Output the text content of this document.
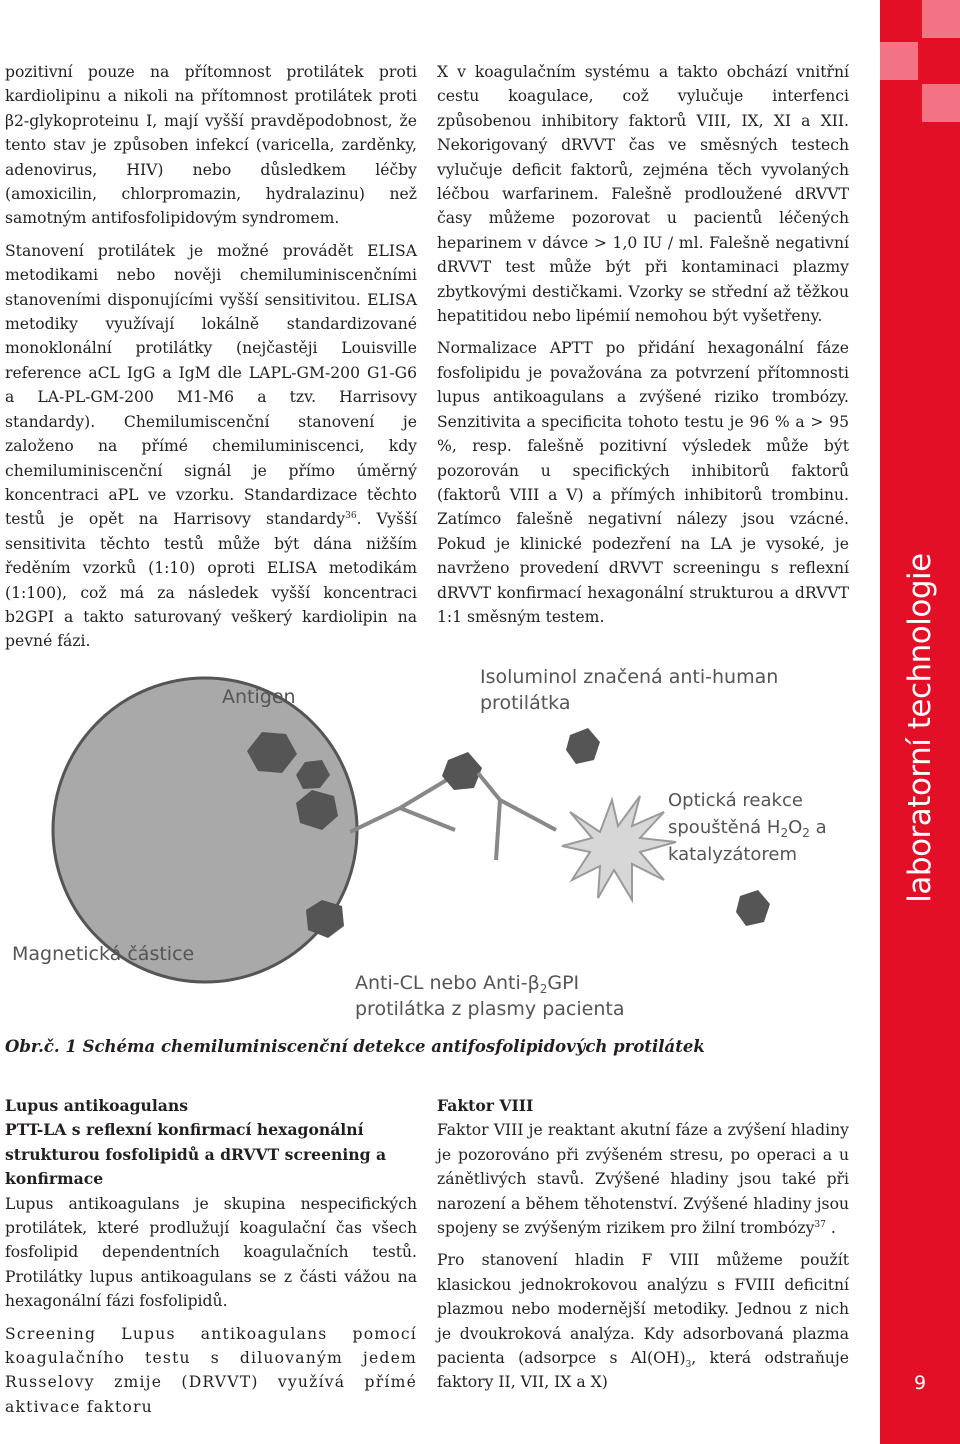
pozitivní pouze na přítomnost protilátek proti kardiolipinu a nikoli na přítomnost protilátek proti β2-glykoproteinu I, mají vyšší pravděpodobnost, že tento stav je způsoben infekcí (varicella, zarděnky, adenovirus, HIV) nebo důsledkem léčby (amoxicilin, chlorpromazin, hydralazinu) než samotným antifosfolipidovým syndromem.

Stanovení protilátek je možné provádět ELISA metodikami nebo nověji chemiluminiscenčními stanoveními disponujícími vyšší sensitivitou. ELISA metodiky využívají lokálně standardizované monoklonální protilátky (nejčastěji Louisville reference aCL IgG a IgM dle LAPL-GM-200 G1-G6 a LA-PL-GM-200 M1-M6 a tzv. Harrisovy standardy). Chemilumiscenční stanovení je založeno na přímé chemiluminiscenci, kdy chemiluminiscenční signál je přímo úměrný koncentraci aPL ve vzorku. Standardizace těchto testů je opět na Harrisovy standardy$^{36}$. Vyšší sensitivita těchto testů může být dána nižším ředěním vzorků (1:10) oproti ELISA metodikám (1:100), což má za následek vyšší koncentraci b2GPI a takto saturovaný veškerý kardiolipin na pevné fázi.

X v koagulačním systému a takto obchází vnitřní cestu koagulace, což vylučuje interfenci způsobenou inhibitory faktorů VIII, IX, XI a XII. Nekorigovaný dRVVT čas ve směsných testech vylučuje deficit faktorů, zejména těch vyvolaných léčbou warfarinem. Falešně prodloužené dRVVT časy můžeme pozorovat u pacientů léčených heparinem v dávce > 1,0 IU / ml. Falešně negativní dRVVT test může být při kontaminaci plazmy zbytkovými destičkami. Vzorky se střední až těžkou hepatitidou nebo lipémií nemohou být vyšetřeny.

Normalizace APTT po přidání hexagonální fáze fosfolipidu je považována za potvrzení přítomnosti lupus antikoagulans a zvýšené riziko trombózy. Senzitivita a specificita tohoto testu je 96 % a > 95 %, resp. falešně pozitivní výsledek může být pozorován u specifických inhibitorů faktorů (faktorů VIII a V) a přímých inhibitorů trombinu. Zatímco falešně negativní nálezy jsou vzácné. Pokud je klinické podezření na LA je vysoké, je navrženo provedení dRVVT screeningu s reflexní dRVVT konfirmací hexagonální strukturou a dRVVT 1:1 směsným testem.

Isoluminol značená anti-human
protilátka
Antigen
Optická reakce
spouštěná $H_2O_2$ a
katalyzátorem
Magnetická částice
Anti-CL nebo Anti-$\beta_2GPI$
protilátka z plasmy pacienta
Obr.č. 1 Schéma chemiluminiscenční detekce antifosfolipidových protilátek

Lupus antikoagulans

PTT-LA s reflexní konfirmací hexagonální strukturou fosfolipidů a dRVVT screening a konfirmace

Lupus antikoagulans je skupina nespecifických protilátek, které prodlužují koagulační čas všech fosfolipid dependentních koagulačních testů. Protilátky lupus antikoagulans se z části vážou na hexagonální fázi fosfolipidů.

Screening Lupus antikoagulans pomocí koagulačního testu s diluovaným jedem Russelovy zmije (DRVVT) využívá přímé aktivace faktoru

Faktor VIII

Faktor VIII je reaktant akutní fáze a zvýšení hladiny je pozorováno při zvýšeném stresu, po operaci a u zánětlivých stavů. Zvýšené hladiny jsou také při narození a během těhotenství. Zvýšené hladiny jsou spojeny se zvýšeným rizikem pro žilní trombózy$^{37}$ .

Pro stanovení hladin F VIII můžeme použít klasickou jednokrokovou analýzu s FVIII deficitní plazmou nebo modernější metodiky. Jednou z nich je dvoukroková analýza. Kdy adsorbovaná plazma pacienta (adsorpce s $Al(OH)_3$, která odstraňuje faktory II, VII, IX a X)

laboratorní technologie
9
